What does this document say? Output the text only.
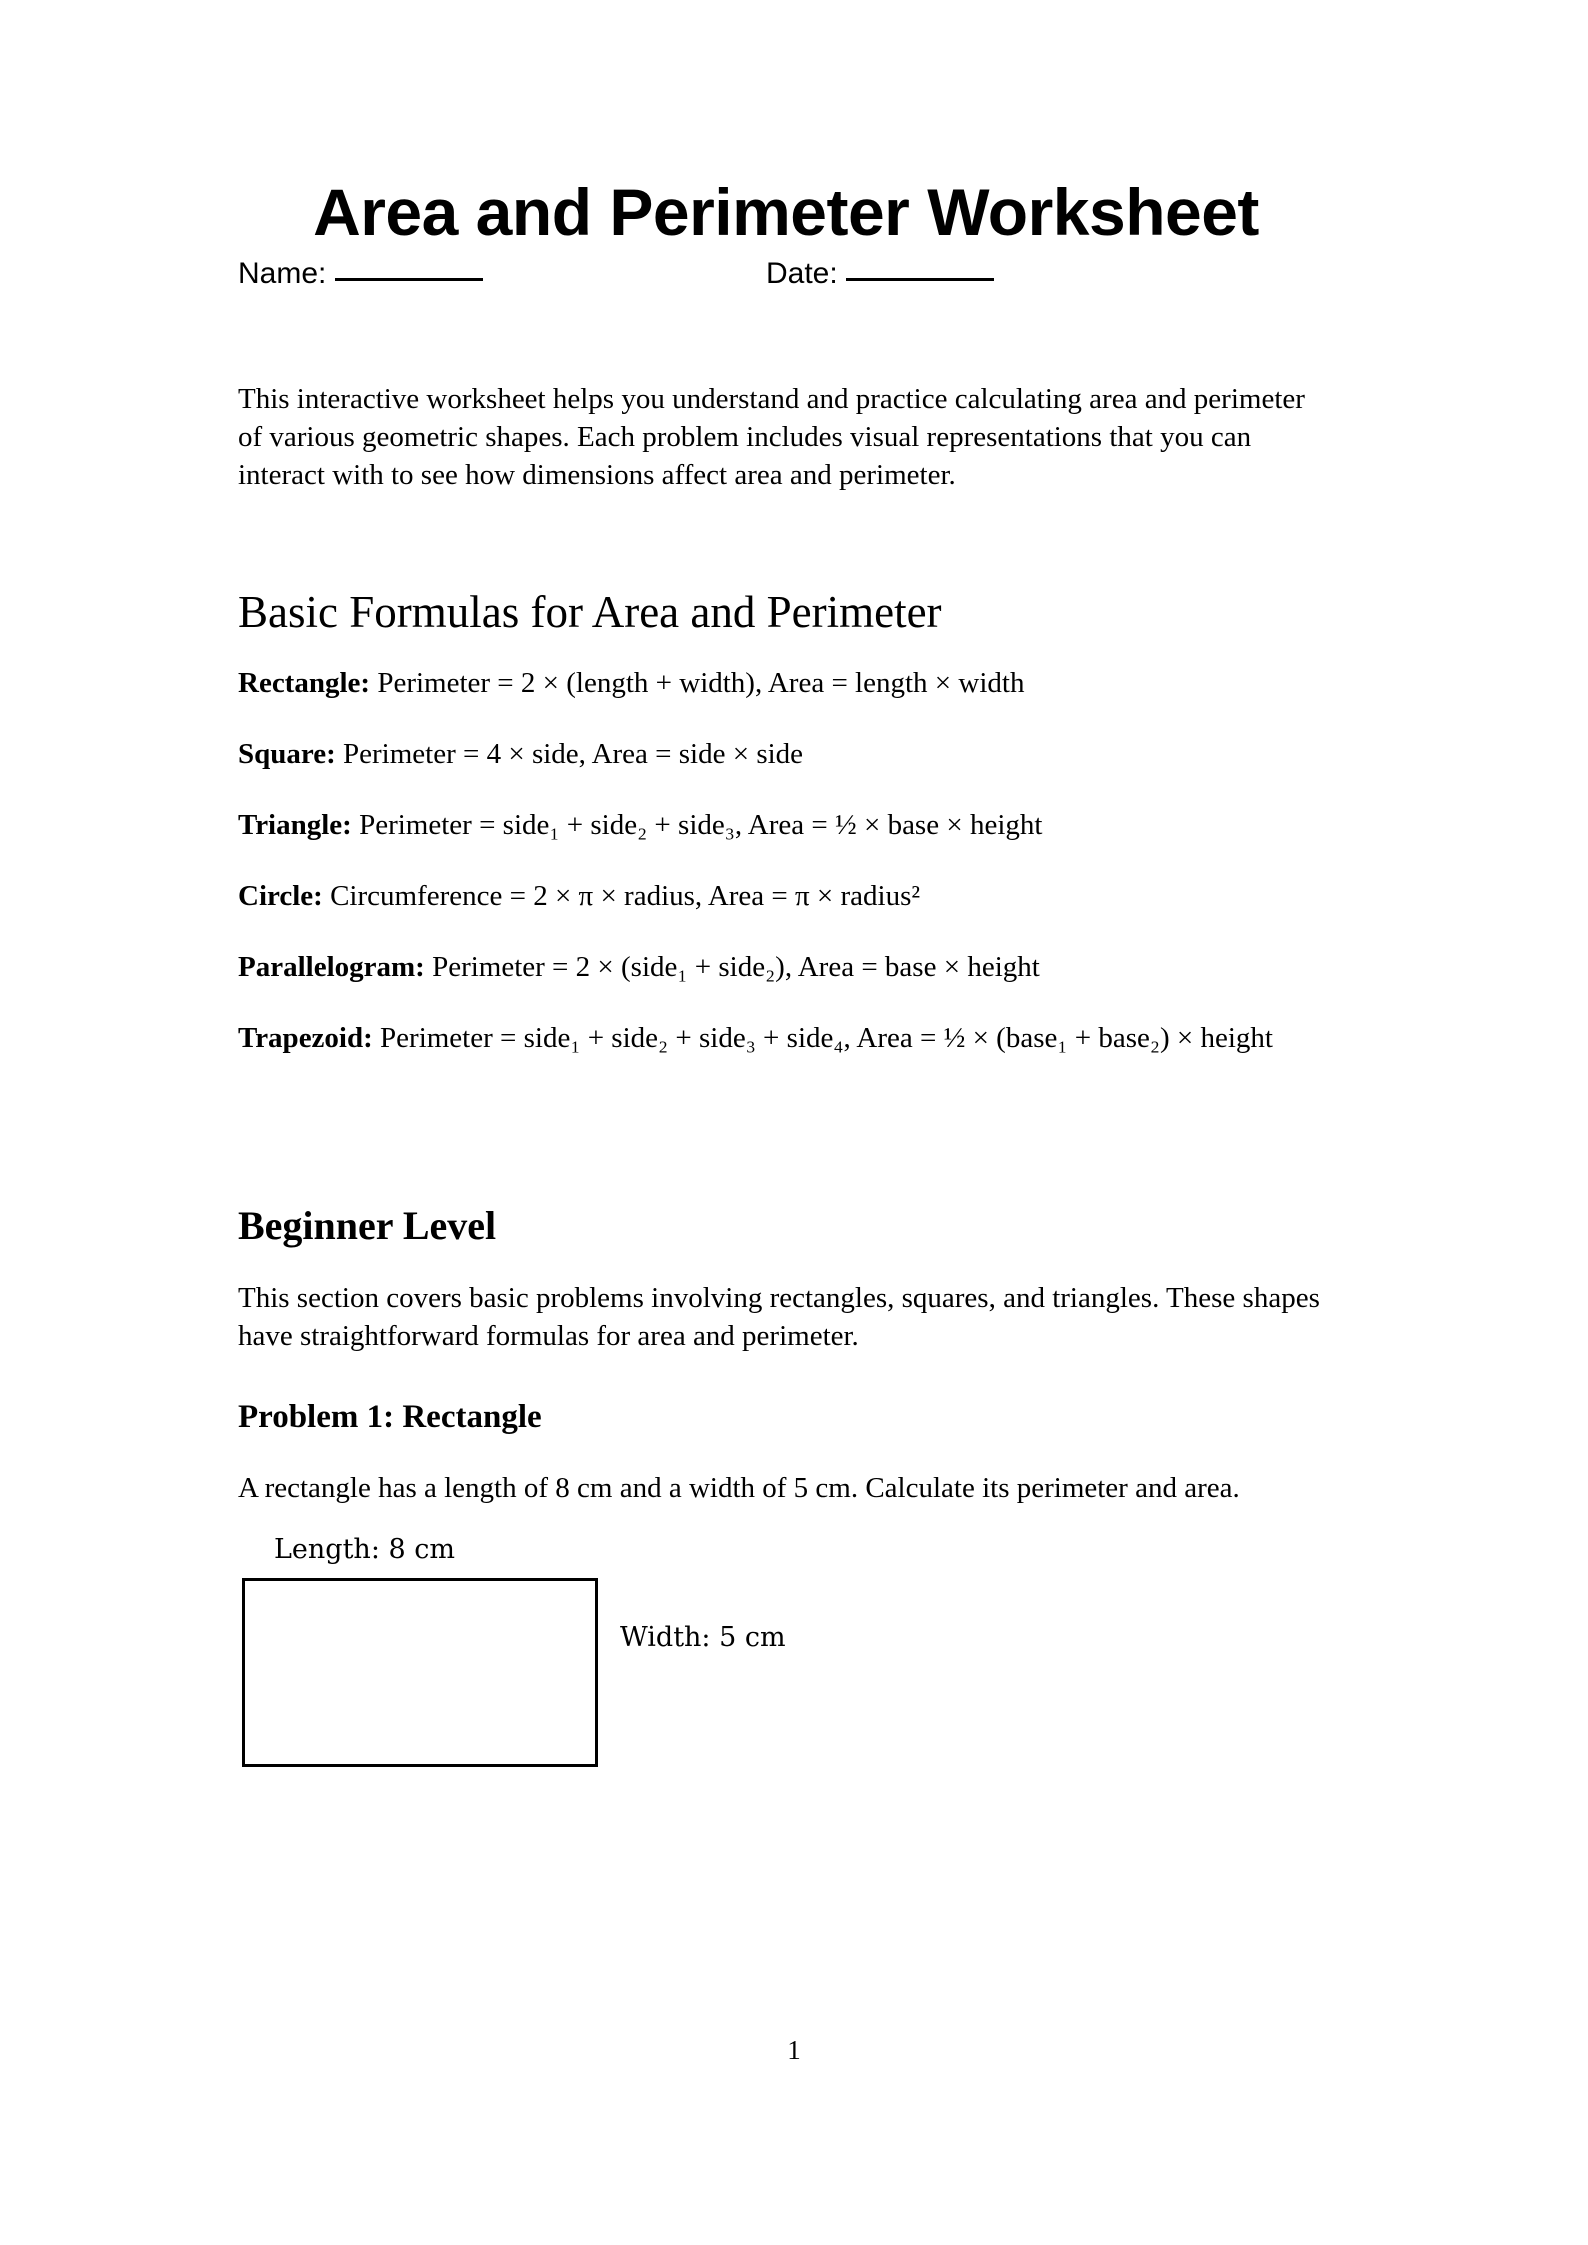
Area and Perimeter Worksheet
Name:	Date:

This interactive worksheet helps you understand and practice calculating area and perimeter of various geometric shapes. Each problem includes visual representations that you can interact with to see how dimensions affect area and perimeter.

Basic Formulas for Area and Perimeter

Rectangle: Perimeter = 2 × (length + width), Area = length × width

Square: Perimeter = 4 × side, Area = side × side

Triangle: Perimeter = side₁ + side₂ + side₃, Area = ½ × base × height

Circle: Circumference = 2 × π × radius, Area = π × radius²

Parallelogram: Perimeter = 2 × (side₁ + side₂), Area = base × height

Trapezoid: Perimeter = side₁ + side₂ + side₃ + side₄, Area = ½ × (base₁ + base₂) × height

Beginner Level

This section covers basic problems involving rectangles, squares, and triangles. These shapes have straightforward formulas for area and perimeter.

Problem 1: Rectangle

A rectangle has a length of 8 cm and a width of 5 cm. Calculate its perimeter and area.

Length: 8 cm
Width: 5 cm
1
